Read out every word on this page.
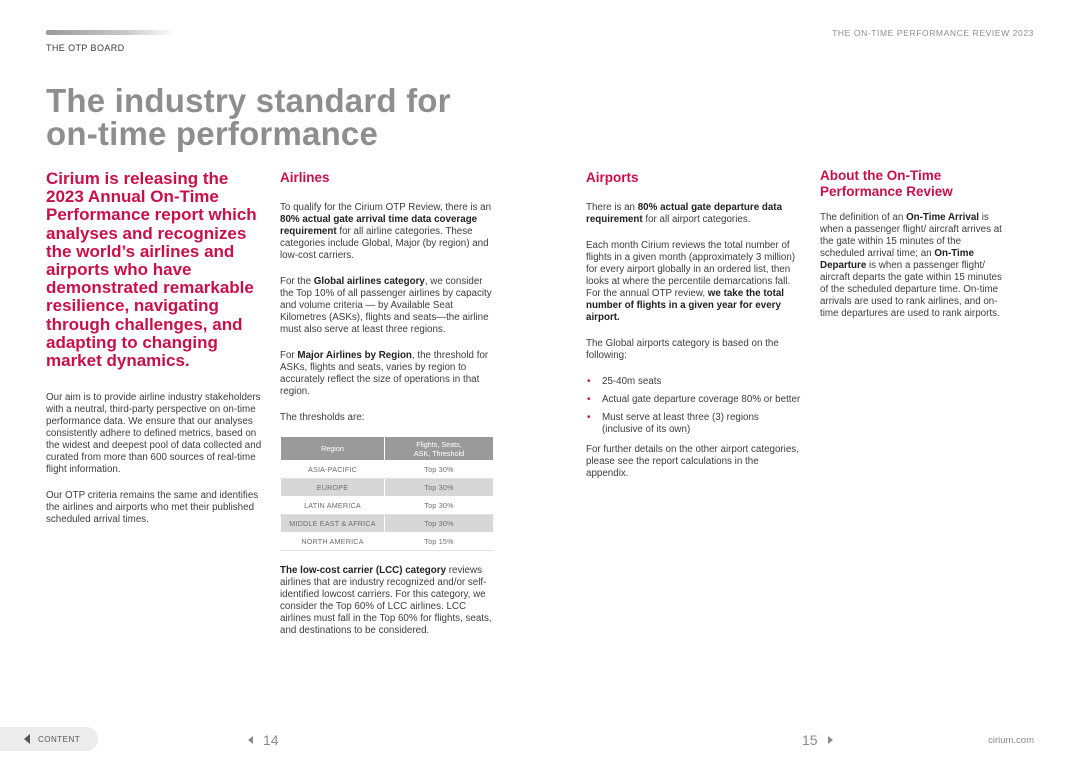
THE OTP BOARD
THE ON-TIME PERFORMANCE REVIEW 2023
The industry standard for
on-time performance

Cirium is releasing the 2023 Annual On-Time Performance report which analyses and recognizes the world’s airlines and airports who have demonstrated remarkable resilience, navigating through challenges, and adapting to changing market dynamics.

Our aim is to provide airline industry stakeholders with a neutral, third-party perspective on on-time performance data. We ensure that our analyses consistently adhere to defined metrics, based on the widest and deepest pool of data collected and curated from more than 600 sources of real-time flight information.

Our OTP criteria remains the same and identifies the airlines and airports who met their published scheduled arrival times.

Airlines

To qualify for the Cirium OTP Review, there is an 80% actual gate arrival time data coverage requirement for all airline categories. These categories include Global, Major (by region) and low-cost carriers.

For the Global airlines category, we consider the Top 10% of all passenger airlines by capacity and volume criteria — by Available Seat Kilometres (ASKs), flights and seats—the airline must also serve at least three regions.

For Major Airlines by Region, the threshold for ASKs, flights and seats, varies by region to accurately reflect the size of operations in that region.

The thresholds are:

Region	Flights, Seats,
ASK, Threshold
ASIA-PACIFIC	Top 30%
EUROPE	Top 30%
LATIN AMERICA	Top 30%
MIDDLE EAST & AFRICA	Top 30%
NORTH AMERICA	Top 15%

The low-cost carrier (LCC) category reviews airlines that are industry recognized and/or self- identified lowcost carriers. For this category, we consider the Top 60% of LCC airlines. LCC airlines must fall in the Top 60% for flights, seats, and destinations to be considered.

Airports

There is an 80% actual gate departure data requirement for all airport categories.

Each month Cirium reviews the total number of flights in a given month (approximately 3 million) for every airport globally in an ordered list, then looks at where the percentile demarcations fall. For the annual OTP review, we take the total number of flights in a given year for every airport.

The Global airports category is based on the following:

• 25-40m seats
• Actual gate departure coverage 80% or better
• Must serve at least three (3) regions (inclusive of its own)

For further details on the other airport categories, please see the report calculations in the appendix.

About the On-Time Performance Review

The definition of an On-Time Arrival is when a passenger flight/ aircraft arrives at the gate within 15 minutes of the scheduled arrival time; an On-Time Departure is when a passenger flight/ aircraft departs the gate within 15 minutes of the scheduled departure time. On-time arrivals are used to rank airlines, and on-time departures are used to rank airports.

CONTENT	14	15	cirium.com
